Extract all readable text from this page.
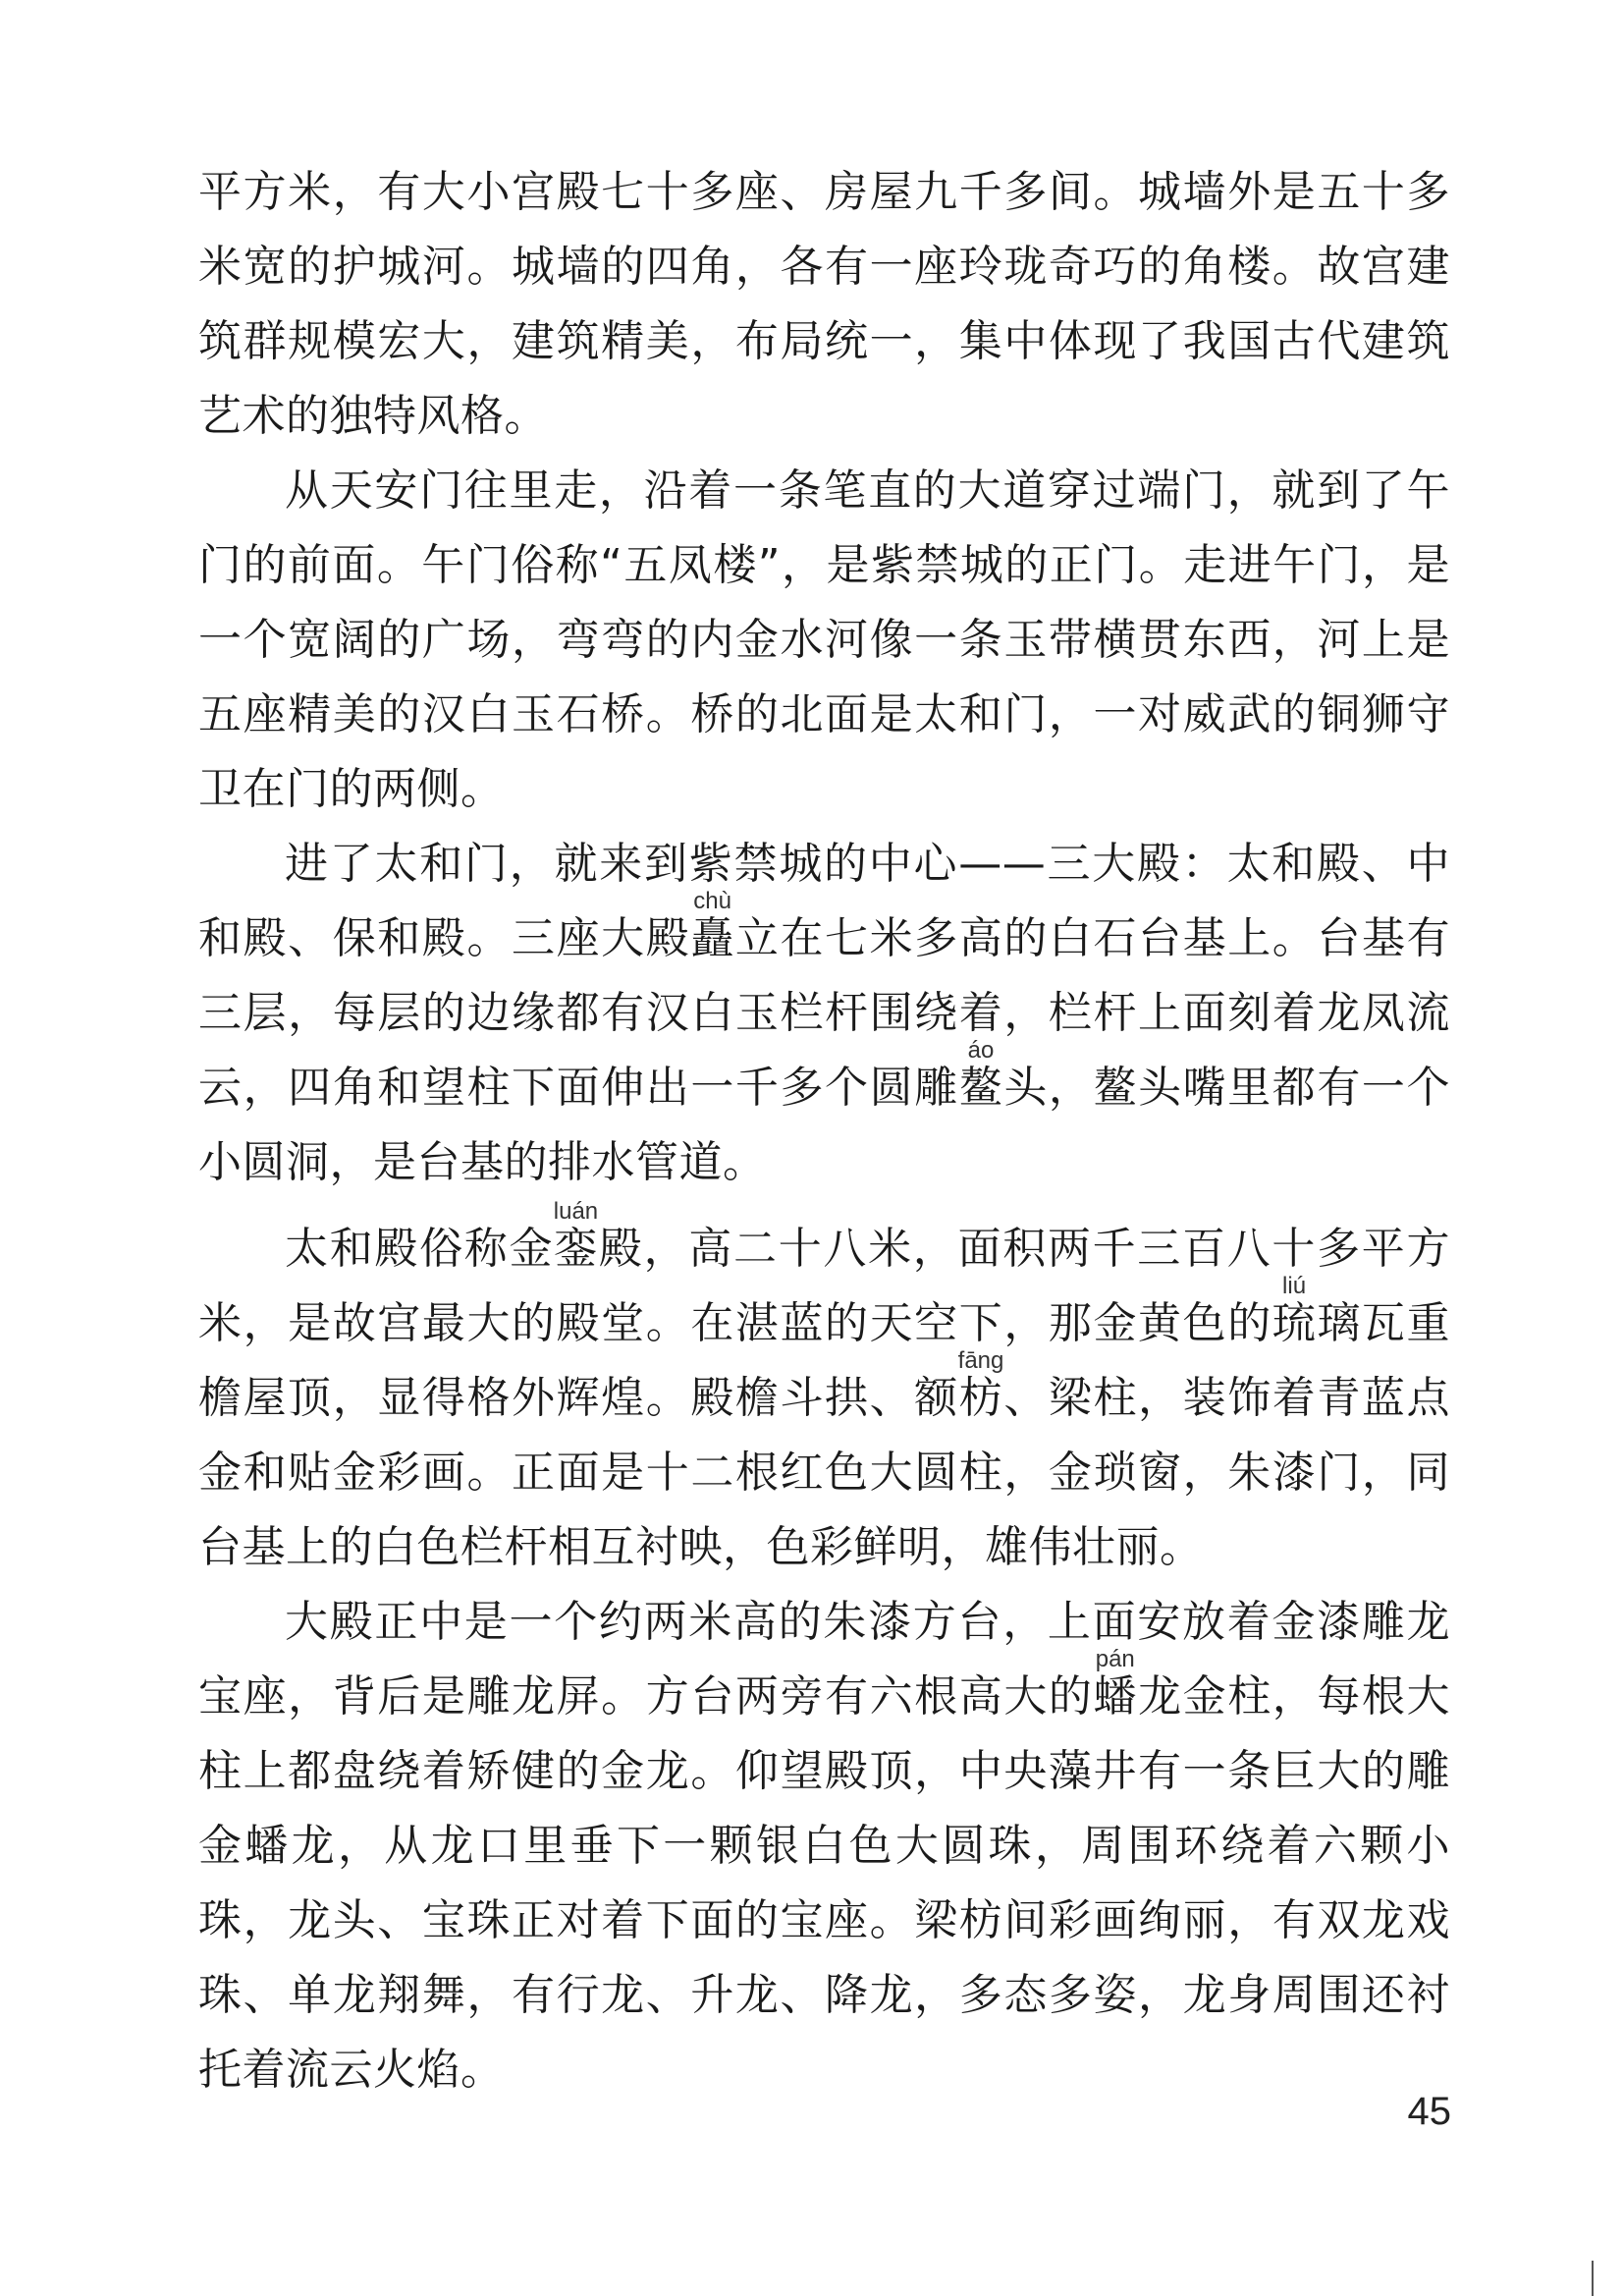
平方米，有大小宫殿七十多座、房屋九千多间。城墙外是五十多米宽的护城河。城墙的四角，各有一座玲珑奇巧的角楼。故宫建筑群规模宏大，建筑精美，布局统一，集中体现了我国古代建筑艺术的独特风格。

从天安门往里走，沿着一条笔直的大道穿过端门，就到了午门的前面。午门俗称“五凤楼”，是紫禁城的正门。走进午门，是一个宽阔的广场，弯弯的内金水河像一条玉带横贯东西，河上是五座精美的汉白玉石桥。桥的北面是太和门，一对威武的铜狮守卫在门的两侧。

进了太和门，就来到紫禁城的中心——三大殿：太和殿、中和殿、保和殿。三座大殿矗chù立在七米多高的白石台基上。台基有三层，每层的边缘都有汉白玉栏杆围绕着，栏杆上面刻着龙凤流云，四角和望柱下面伸出一千多个圆雕鳌áo头，鳌头嘴里都有一个小圆洞，是台基的排水管道。

太和殿俗称金銮luán殿，高二十八米，面积两千三百八十多平方米，是故宫最大的殿堂。在湛蓝的天空下，那金黄色的琉liú璃瓦重檐屋顶，显得格外辉煌。殿檐斗拱、额枋fāng、梁柱，装饰着青蓝点金和贴金彩画。正面是十二根红色大圆柱，金琐窗，朱漆门，同台基上的白色栏杆相互衬映，色彩鲜明，雄伟壮丽。

大殿正中是一个约两米高的朱漆方台，上面安放着金漆雕龙宝座，背后是雕龙屏。方台两旁有六根高大的蟠pán龙金柱，每根大柱上都盘绕着矫健的金龙。仰望殿顶，中央藻井有一条巨大的雕金蟠龙，从龙口里垂下一颗银白色大圆珠，周围环绕着六颗小珠，龙头、宝珠正对着下面的宝座。梁枋间彩画绚丽，有双龙戏珠、单龙翔舞，有行龙、升龙、降龙，多态多姿，龙身周围还衬托着流云火焰。

45
